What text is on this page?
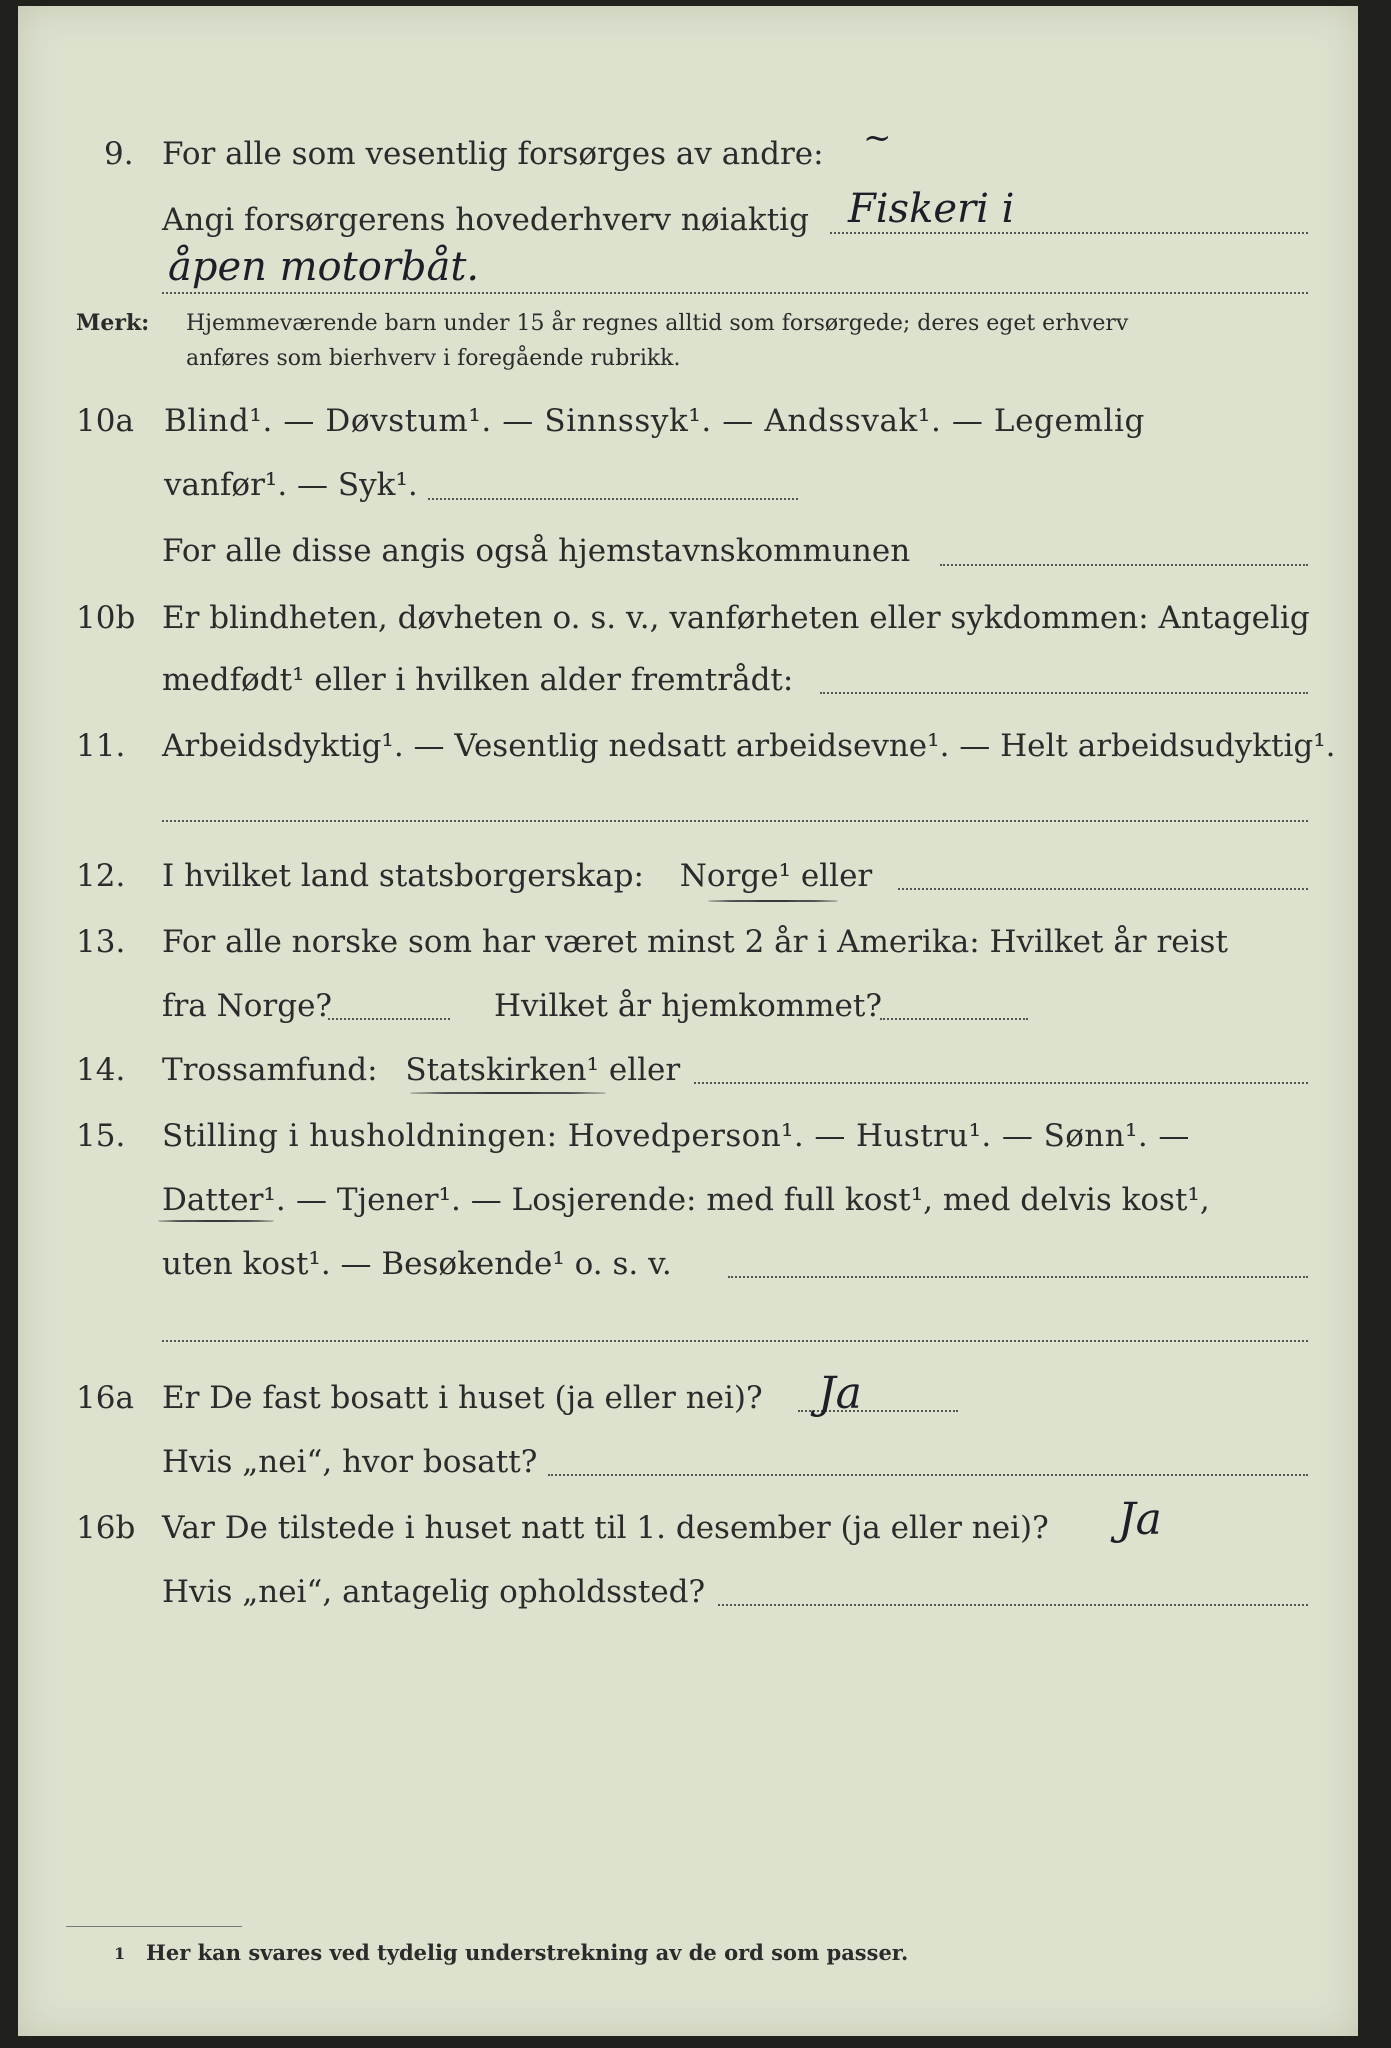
9. For alle som vesentlig forsørges av andre: ~
Angi forsørgerens hovederhverv nøiaktig Fiskeri i
åpen motorbåt.
Merk: Hjemmeværende barn under 15 år regnes alltid som forsørgede; deres eget erhverv
anføres som bierhverv i foregående rubrikk.
10a Blind¹. — Døvstum¹. — Sinnssyk¹. — Andssvak¹. — Legemlig
vanfør¹. — Syk¹.
For alle disse angis også hjemstavnskommunen
10b Er blindheten, døvheten o. s. v., vanførheten eller sykdommen: Antagelig
medfødt¹ eller i hvilken alder fremtrådt:
11. Arbeidsdyktig¹. — Vesentlig nedsatt arbeidsevne¹. — Helt arbeidsudyktig¹.
12. I hvilket land statsborgerskap: Norge¹ eller
13. For alle norske som har været minst 2 år i Amerika: Hvilket år reist
fra Norge?	Hvilket år hjemkommet?
14. Trossamfund: Statskirken¹ eller
15. Stilling i husholdningen: Hovedperson¹. — Hustru¹. — Sønn¹. —
Datter¹. — Tjener¹. — Losjerende: med full kost¹, med delvis kost¹,
uten kost¹. — Besøkende¹ o. s. v.
16a Er De fast bosatt i huset (ja eller nei)? Ja
Hvis „nei“, hvor bosatt?
16b Var De tilstede i huset natt til 1. desember (ja eller nei)? Ja
Hvis „nei“, antagelig opholdssted?
1 Her kan svares ved tydelig understrekning av de ord som passer.
